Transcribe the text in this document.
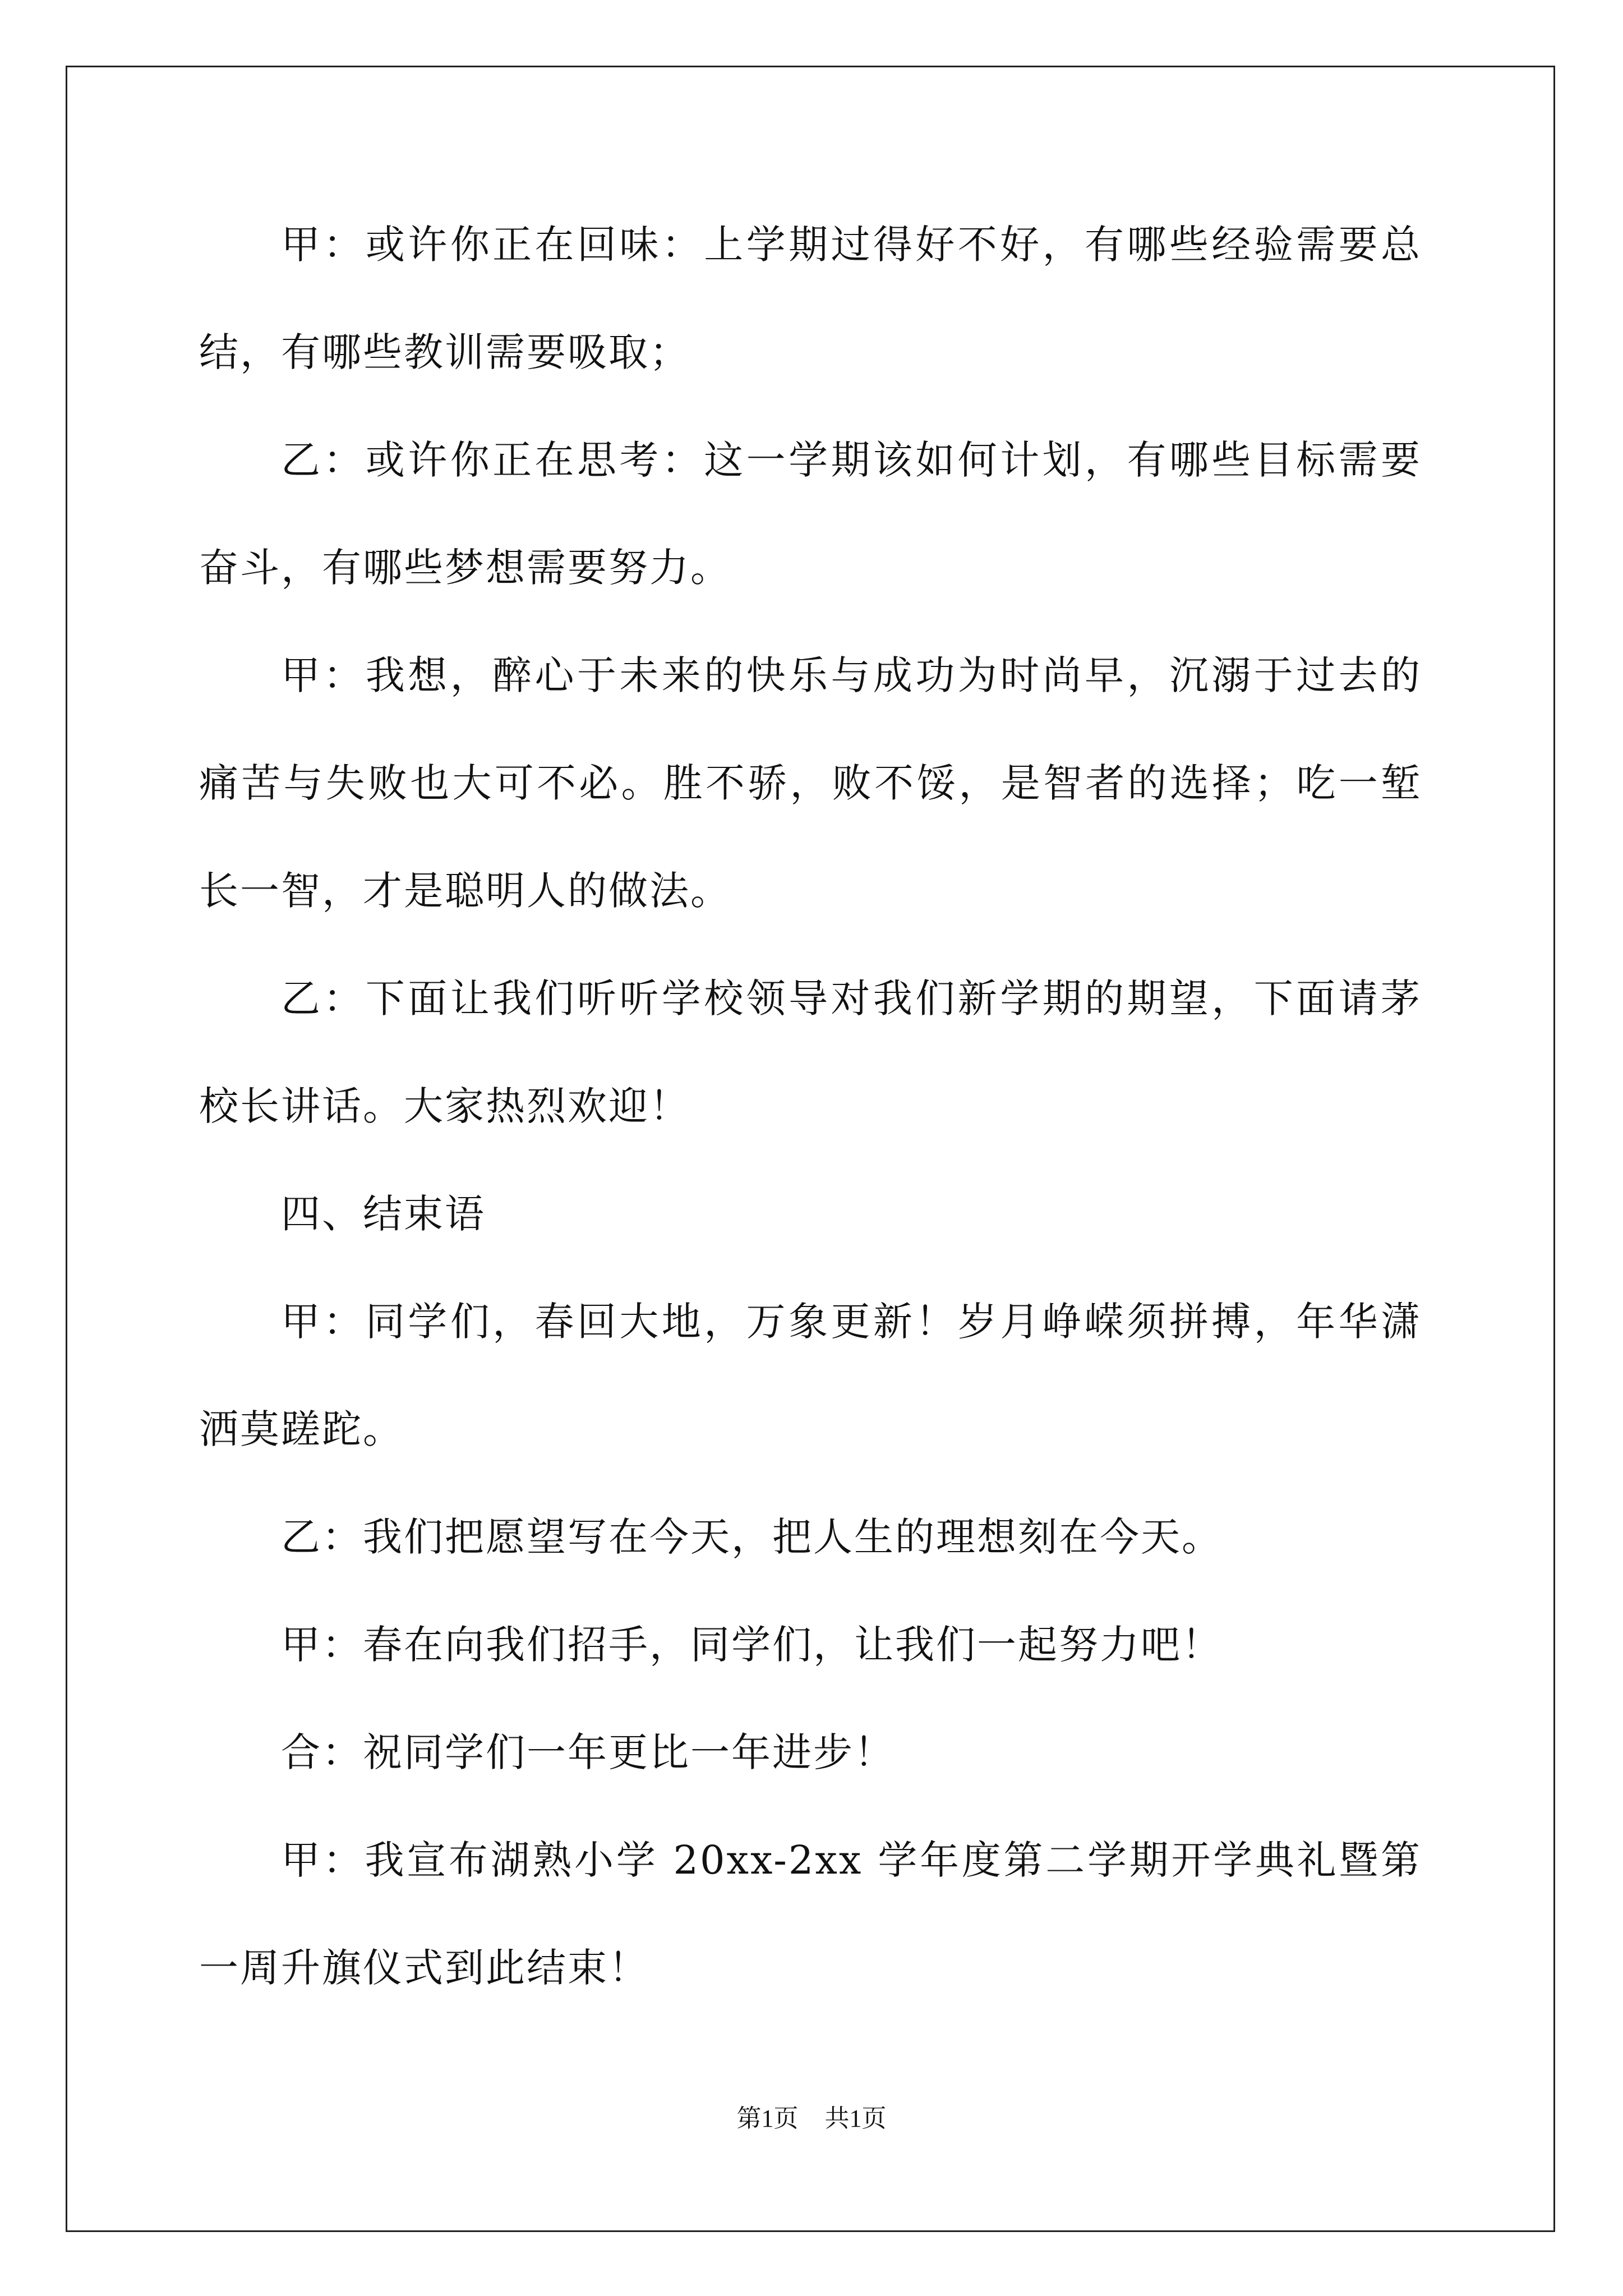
甲：或许你正在回味：上学期过得好不好，有哪些经验需要总结，有哪些教训需要吸取；

乙：或许你正在思考：这一学期该如何计划，有哪些目标需要奋斗，有哪些梦想需要努力。

甲：我想，醉心于未来的快乐与成功为时尚早，沉溺于过去的痛苦与失败也大可不必。胜不骄，败不馁，是智者的选择；吃一堑长一智，才是聪明人的做法。

乙：下面让我们听听学校领导对我们新学期的期望，下面请茅校长讲话。大家热烈欢迎！

四、结束语

甲：同学们，春回大地，万象更新！岁月峥嵘须拼搏，年华潇洒莫蹉跎。

乙：我们把愿望写在今天，把人生的理想刻在今天。

甲：春在向我们招手，同学们，让我们一起努力吧！

合：祝同学们一年更比一年进步！

甲：我宣布湖熟小学 20xx-2xx 学年度第二学期开学典礼暨第一周升旗仪式到此结束！

第1页 共1页
